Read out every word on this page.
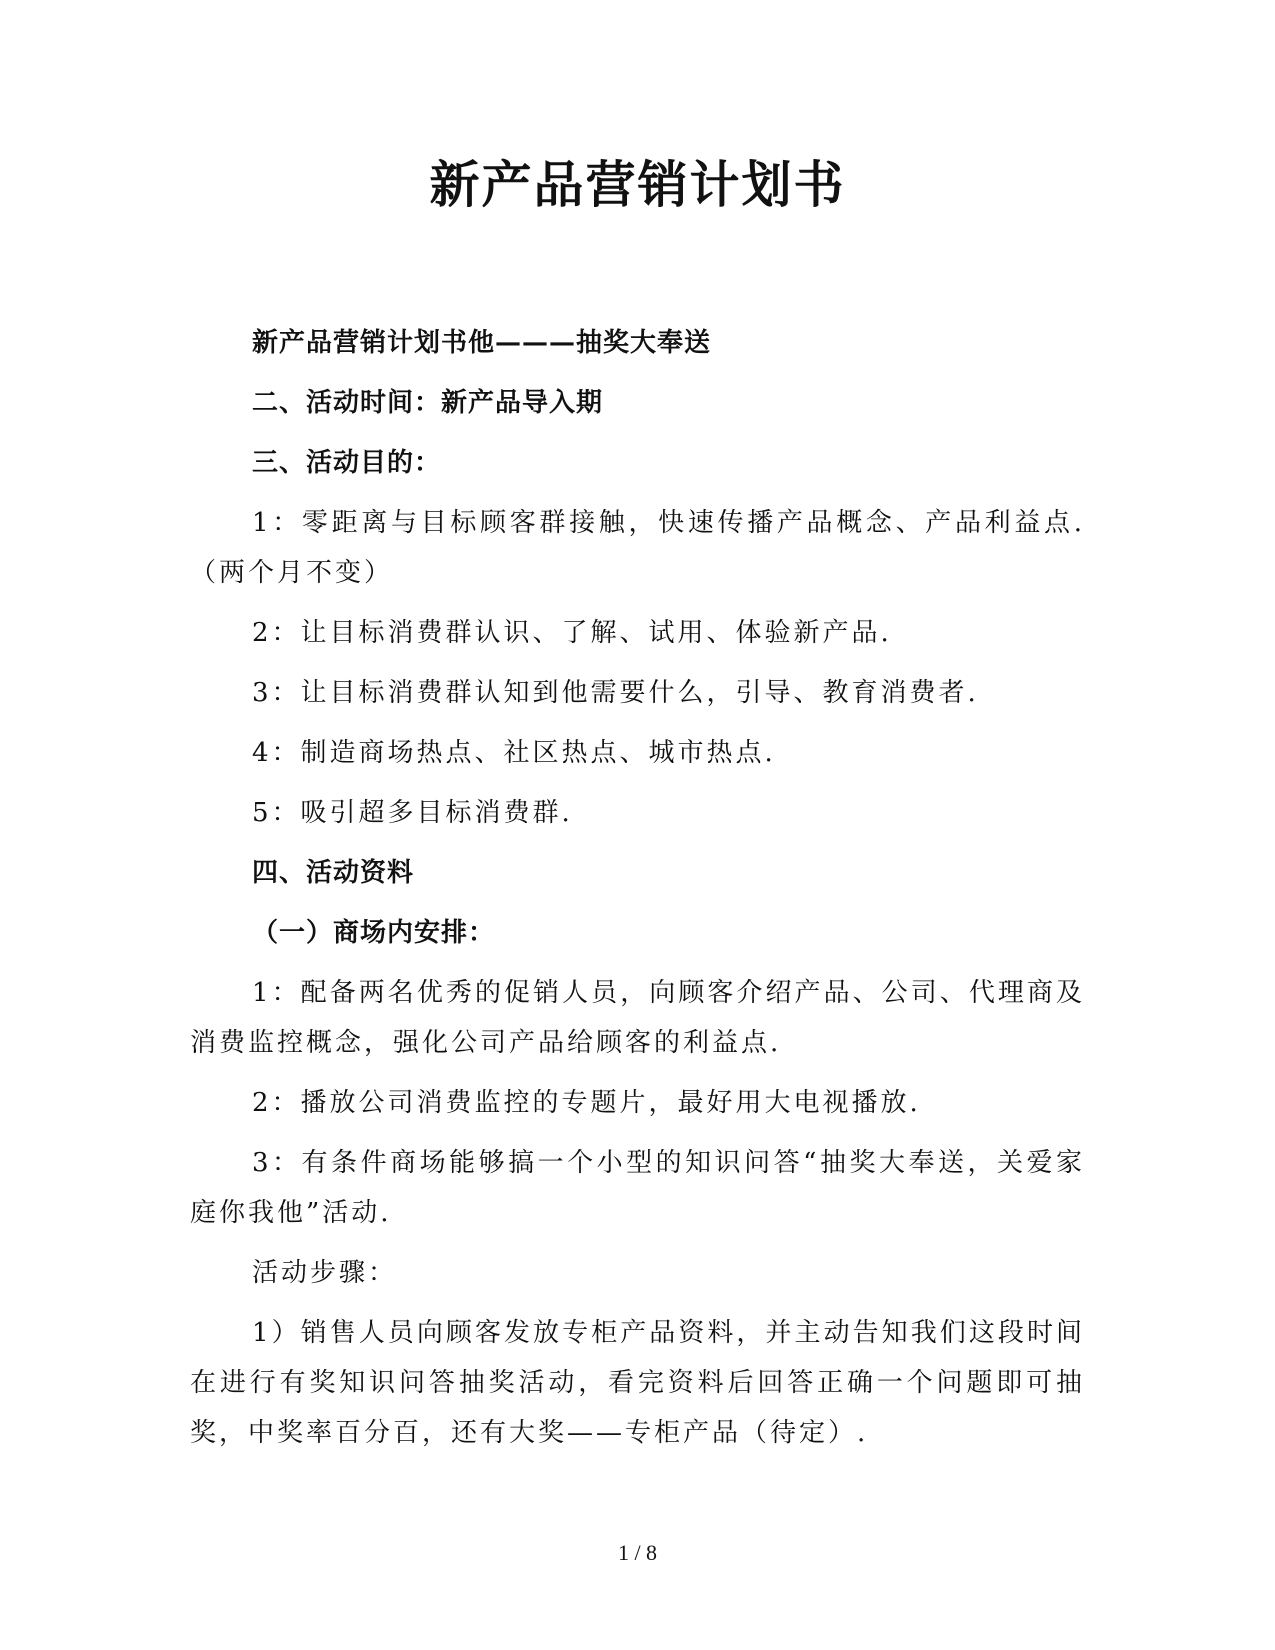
新产品营销计划书

新产品营销计划书他———抽奖大奉送

二、活动时间：新产品导入期

三、活动目的：

1：零距离与目标顾客群接触，快速传播产品概念、产品利益点.（两个月不变）

2：让目标消费群认识、了解、试用、体验新产品.

3：让目标消费群认知到他需要什么，引导、教育消费者.

4：制造商场热点、社区热点、城市热点.

5：吸引超多目标消费群.

四、活动资料

（一）商场内安排：

1：配备两名优秀的促销人员，向顾客介绍产品、公司、代理商及消费监控概念，强化公司产品给顾客的利益点.

2：播放公司消费监控的专题片，最好用大电视播放.

3：有条件商场能够搞一个小型的知识问答“抽奖大奉送，关爱家庭你我他”活动.

活动步骤：

1）销售人员向顾客发放专柜产品资料，并主动告知我们这段时间在进行有奖知识问答抽奖活动，看完资料后回答正确一个问题即可抽奖，中奖率百分百，还有大奖——专柜产品（待定）.

1 / 8
